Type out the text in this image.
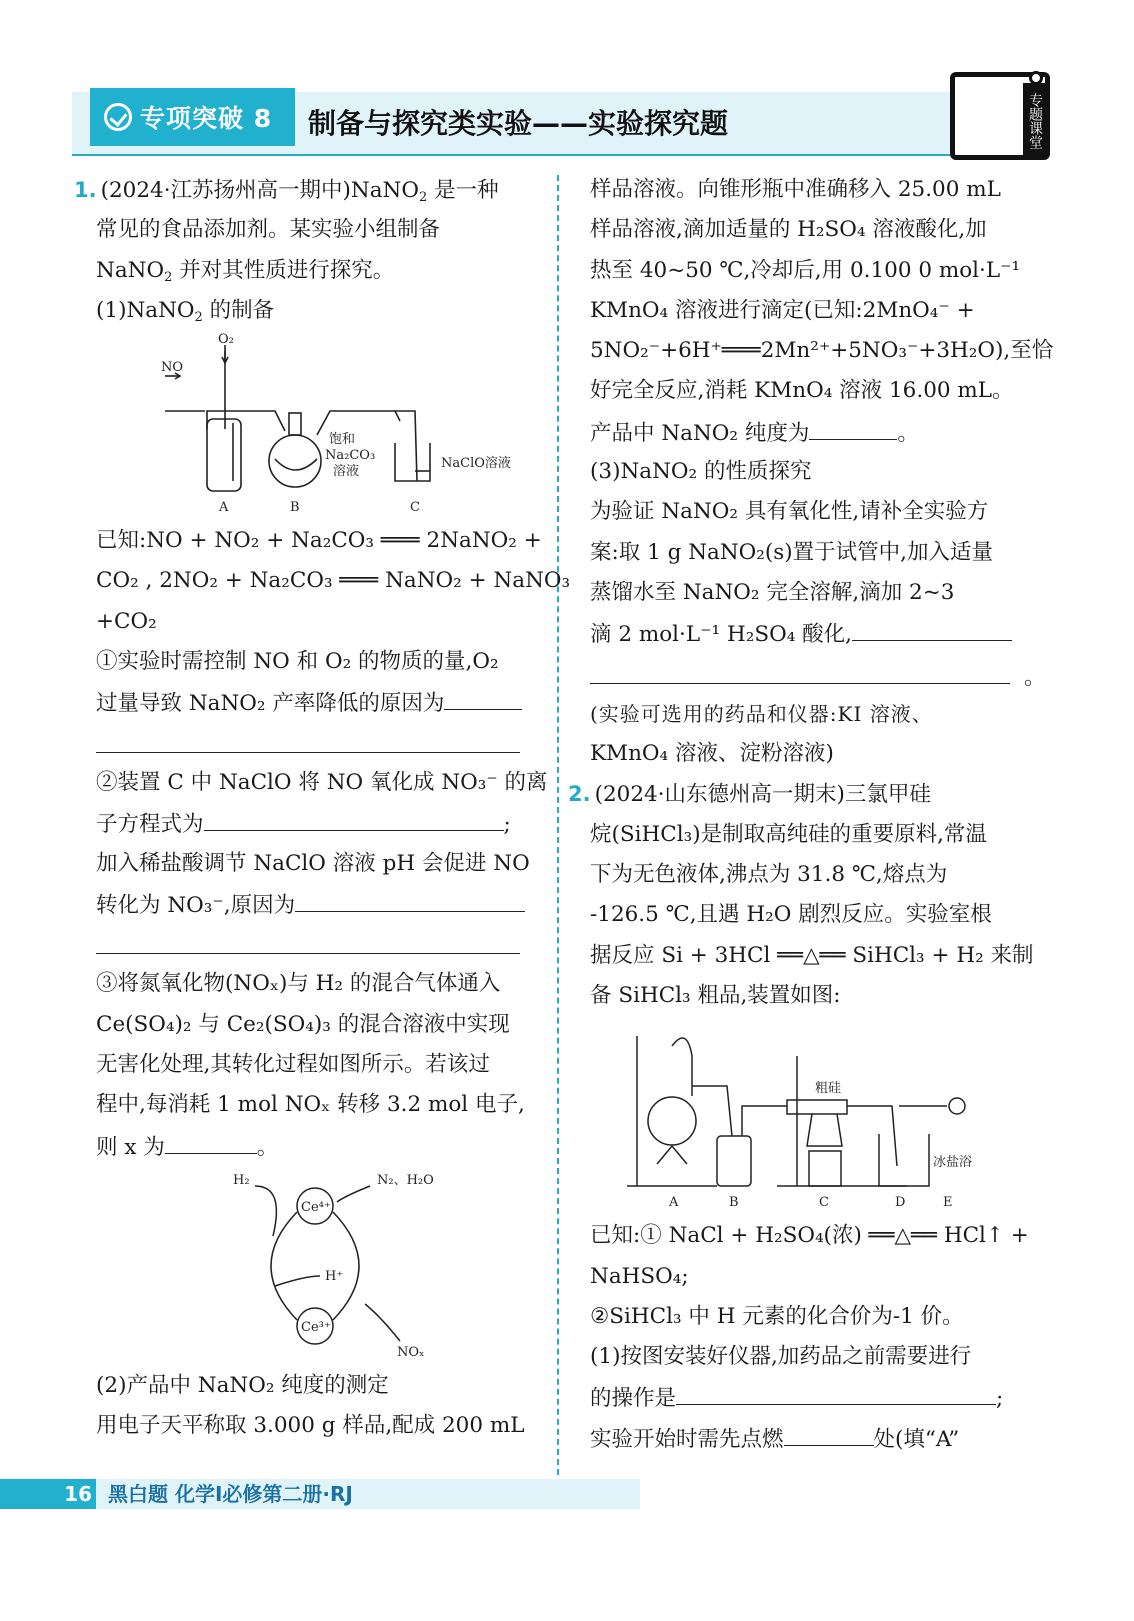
专项突破 8 制备与探究类实验——实验探究题	专题课堂
1. (2024·江苏扬州高一期中)NaNO$_2$ 是一种
常见的食品添加剂。某实验小组制备
NaNO$_2$ 并对其性质进行探究。
(1)NaNO$_2$ 的制备
O₂
NO
饱和
Na₂CO₃
溶液
NaClO溶液
A	B	C
已知:NO + NO₂ + Na₂CO₃ ═══ 2NaNO₂ +
CO₂ , 2NO₂ + Na₂CO₃ ═══ NaNO₂ + NaNO₃
+CO₂
①实验时需控制 NO 和 O₂ 的物质的量,O₂
过量导致 NaNO₂ 产率降低的原因为
②装置 C 中 NaClO 将 NO 氧化成 NO₃⁻ 的离
子方程式为	;
加入稀盐酸调节 NaClO 溶液 pH 会促进 NO
转化为 NO₃⁻,原因为
③将氮氧化物(NOₓ)与 H₂ 的混合气体通入
Ce(SO₄)₂ 与 Ce₂(SO₄)₃ 的混合溶液中实现
无害化处理,其转化过程如图所示。若该过
程中,每消耗 1 mol NOₓ 转移 3.2 mol 电子,
则 x 为	。
H₂
Ce⁴⁺
N₂、H₂O
H⁺
Ce³⁺
NOₓ
(2)产品中 NaNO₂ 纯度的测定
用电子天平称取 3.000 g 样品,配成 200 mL
样品溶液。向锥形瓶中准确移入 25.00 mL
样品溶液,滴加适量的 H₂SO₄ 溶液酸化,加
热至 40~50 ℃,冷却后,用 0.100 0 mol·L⁻¹
KMnO₄ 溶液进行滴定(已知:2MnO₄⁻ +
5NO₂⁻+6H⁺═══2Mn²⁺+5NO₃⁻+3H₂O),至恰
好完全反应,消耗 KMnO₄ 溶液 16.00 mL。
产品中 NaNO₂ 纯度为	。
(3)NaNO₂ 的性质探究
为验证 NaNO₂ 具有氧化性,请补全实验方
案:取 1 g NaNO₂(s)置于试管中,加入适量
蒸馏水至 NaNO₂ 完全溶解,滴加 2~3
滴 2 mol·L⁻¹ H₂SO₄ 酸化,
。
(实验可选用的药品和仪器:KI 溶液、
KMnO₄ 溶液、淀粉溶液)
2. (2024·山东德州高一期末)三氯甲硅
烷(SiHCl₃)是制取高纯硅的重要原料,常温
下为无色液体,沸点为 31.8 ℃,熔点为
-126.5 ℃,且遇 H₂O 剧烈反应。实验室根
据反应 Si + 3HCl ══△══ SiHCl₃ + H₂ 来制
备 SiHCl₃ 粗品,装置如图:
粗硅
冰盐浴
A	B	C	D	E
已知:① NaCl + H₂SO₄(浓) ══△══ HCl↑ +
NaHSO₄;
②SiHCl₃ 中 H 元素的化合价为-1 价。
(1)按图安装好仪器,加药品之前需要进行
的操作是	;
实验开始时需先点燃	处(填“A”
16 黑白题 化学I必修第二册·RJ
